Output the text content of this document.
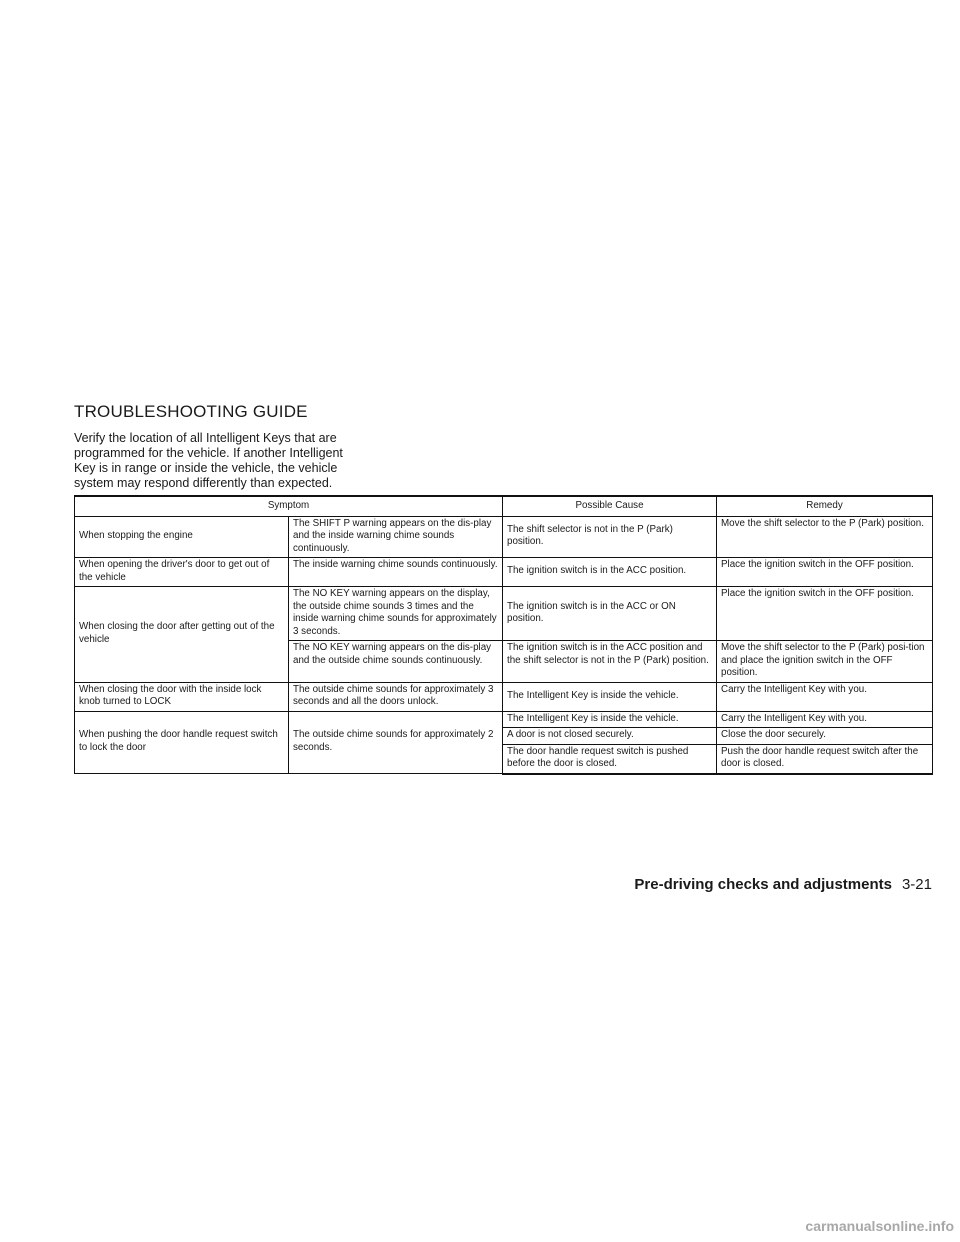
TROUBLESHOOTING GUIDE
Verify the location of all Intelligent Keys that are programmed for the vehicle. If another Intelligent Key is in range or inside the vehicle, the vehicle system may respond differently than expected.
Symptom		Possible Cause	Remedy
When stopping the engine	The SHIFT P warning appears on the dis-play and the inside warning chime sounds continuously.	The shift selector is not in the P (Park) position.	Move the shift selector to the P (Park) position.
When opening the driver's door to get out of the vehicle	The inside warning chime sounds continuously.	The ignition switch is in the ACC position.	Place the ignition switch in the OFF position.
When closing the door after getting out of the vehicle	The NO KEY warning appears on the display, the outside chime sounds 3 times and the inside warning chime sounds for approximately 3 seconds.	The ignition switch is in the ACC or ON position.	Place the ignition switch in the OFF position.
	The NO KEY warning appears on the dis-play and the outside chime sounds continuously.	The ignition switch is in the ACC position and the shift selector is not in the P (Park) position.	Move the shift selector to the P (Park) posi-tion and place the ignition switch in the OFF position.
When closing the door with the inside lock knob turned to LOCK	The outside chime sounds for approximately 3 seconds and all the doors unlock.	The Intelligent Key is inside the vehicle.	Carry the Intelligent Key with you.
When pushing the door handle request switch to lock the door	The outside chime sounds for approximately 2 seconds.	The Intelligent Key is inside the vehicle.	Carry the Intelligent Key with you.
		A door is not closed securely.	Close the door securely.
		The door handle request switch is pushed before the door is closed.	Push the door handle request switch after the door is closed.
Pre-driving checks and adjustments 3-21
carmanualsonline.info
